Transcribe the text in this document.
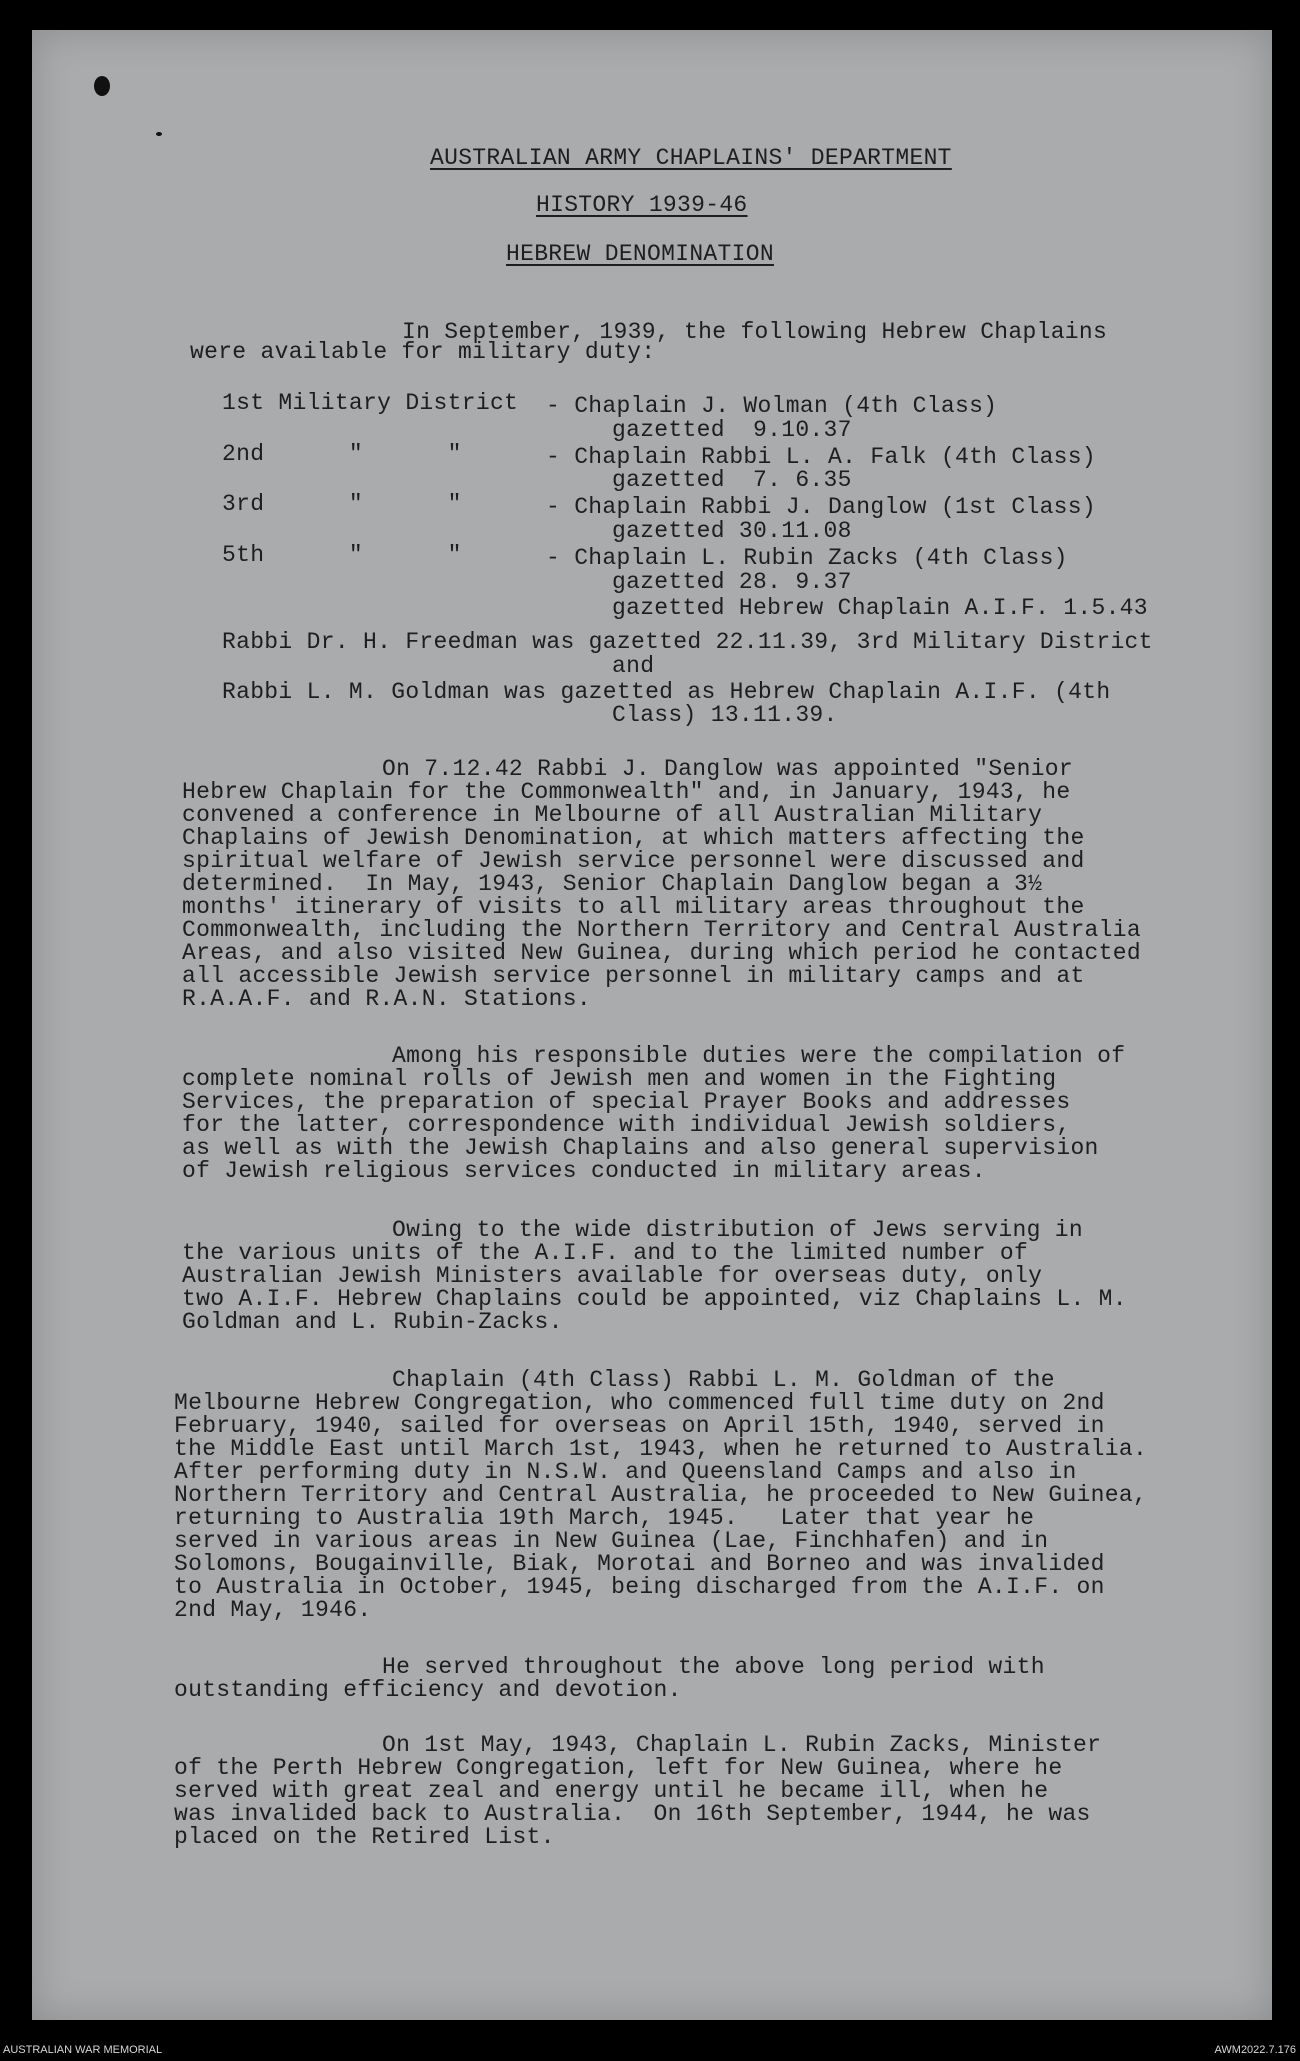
AUSTRALIAN ARMY CHAPLAINS' DEPARTMENT
HISTORY 1939-46
HEBREW DENOMINATION
In September, 1939, the following Hebrew Chaplains
were available for military duty:
1st Military District - Chaplain J. Wolman (4th Class)
gazetted  9.10.37
2nd      "      "	- Chaplain Rabbi L. A. Falk (4th Class)
gazetted  7. 6.35
3rd      "      "	- Chaplain Rabbi J. Danglow (1st Class)
gazetted 30.11.08
5th      "      "	- Chaplain L. Rubin Zacks (4th Class)
gazetted 28. 9.37
gazetted Hebrew Chaplain A.I.F. 1.5.43
Rabbi Dr. H. Freedman was gazetted 22.11.39, 3rd Military District
and
Rabbi L. M. Goldman was gazetted as Hebrew Chaplain A.I.F. (4th
Class) 13.11.39.
On 7.12.42 Rabbi J. Danglow was appointed "Senior
Hebrew Chaplain for the Commonwealth" and, in January, 1943, he
convened a conference in Melbourne of all Australian Military
Chaplains of Jewish Denomination, at which matters affecting the
spiritual welfare of Jewish service personnel were discussed and
determined.  In May, 1943, Senior Chaplain Danglow began a 3½
months' itinerary of visits to all military areas throughout the
Commonwealth, including the Northern Territory and Central Australia
Areas, and also visited New Guinea, during which period he contacted
all accessible Jewish service personnel in military camps and at
R.A.A.F. and R.A.N. Stations.
Among his responsible duties were the compilation of
complete nominal rolls of Jewish men and women in the Fighting
Services, the preparation of special Prayer Books and addresses
for the latter, correspondence with individual Jewish soldiers,
as well as with the Jewish Chaplains and also general supervision
of Jewish religious services conducted in military areas.
Owing to the wide distribution of Jews serving in
the various units of the A.I.F. and to the limited number of
Australian Jewish Ministers available for overseas duty, only
two A.I.F. Hebrew Chaplains could be appointed, viz Chaplains L. M.
Goldman and L. Rubin-Zacks.
Chaplain (4th Class) Rabbi L. M. Goldman of the
Melbourne Hebrew Congregation, who commenced full time duty on 2nd
February, 1940, sailed for overseas on April 15th, 1940, served in
the Middle East until March 1st, 1943, when he returned to Australia.
After performing duty in N.S.W. and Queensland Camps and also in
Northern Territory and Central Australia, he proceeded to New Guinea,
returning to Australia 19th March, 1945.   Later that year he
served in various areas in New Guinea (Lae, Finchhafen) and in
Solomons, Bougainville, Biak, Morotai and Borneo and was invalided
to Australia in October, 1945, being discharged from the A.I.F. on
2nd May, 1946.
He served throughout the above long period with
outstanding efficiency and devotion.
On 1st May, 1943, Chaplain L. Rubin Zacks, Minister
of the Perth Hebrew Congregation, left for New Guinea, where he
served with great zeal and energy until he became ill, when he
was invalided back to Australia.  On 16th September, 1944, he was
placed on the Retired List.
AUSTRALIAN WAR MEMORIAL	AWM2022.7.176
